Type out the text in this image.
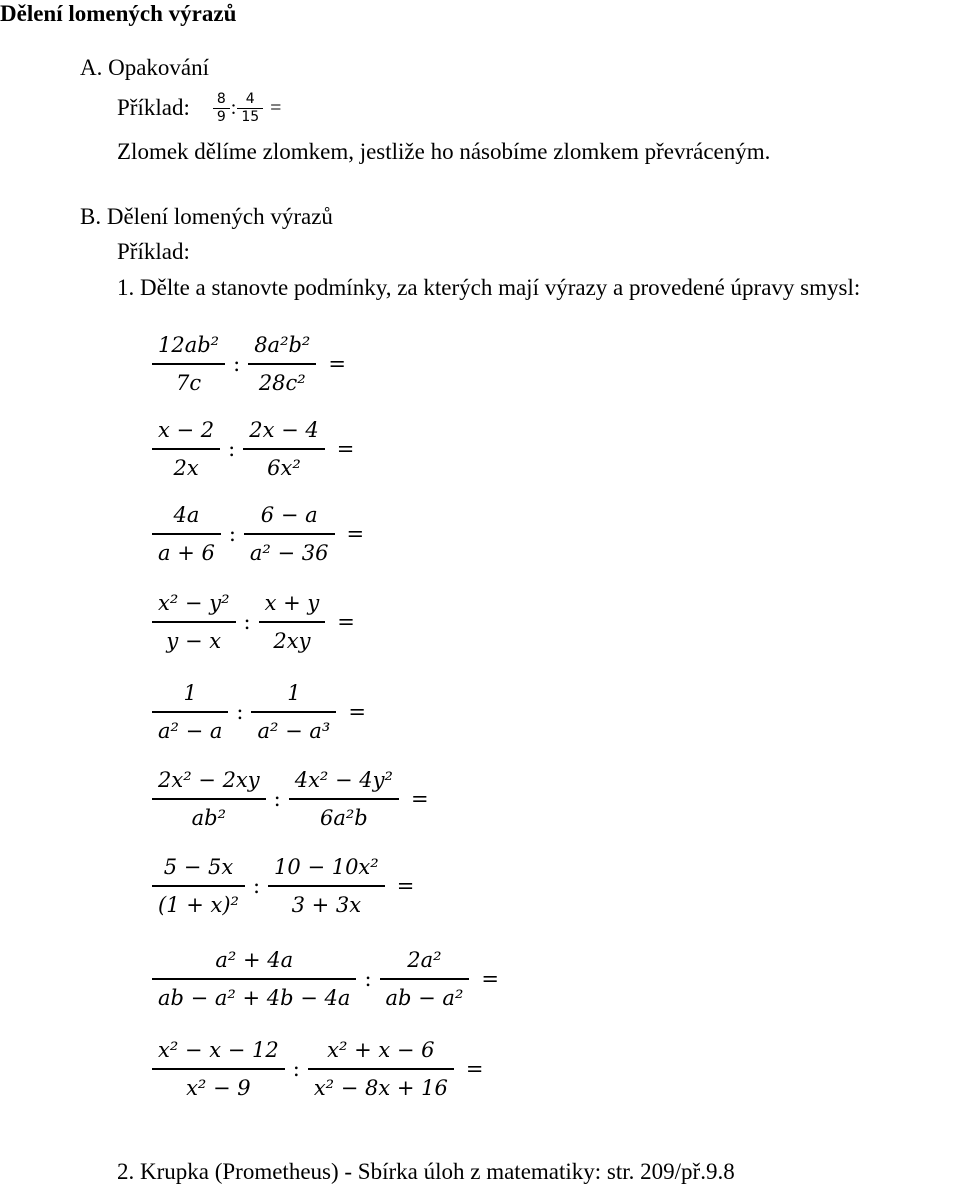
Dělení lomených výrazů
A. Opakování
Příklad: $\frac{8}{9}$ : $\frac{4}{15}$ =
Zlomek dělíme zlomkem, jestliže ho násobíme zlomkem převráceným.
B. Dělení lomených výrazů
Příklad:
1. Dělte a stanovte podmínky, za kterých mají výrazy a provedené úpravy smysl:
$\frac{\text{12ab²}}{7c}$ : $\frac{\text{8a²b²}}{\text{28c²}}$ =
$\frac{x - 2}{2x}$ : $\frac{2x - 4}{\text{6x²}}$ =
$\frac{4a}{a + 6}$ : $\frac{6 - a}{\text{a² − 36}}$ =
$\frac{\text{x² − y²}}{y - x}$ : $\frac{x + y}{2xy}$ =
$\frac{1}{\text{a² − a}}$ : $\frac{1}{\text{a² − a³}}$ =
$\frac{\text{2x² − 2xy}}{\text{ab²}}$ : $\frac{\text{4x² − 4y²}}{\text{6a²b}}$ =
$\frac{5 - 5x}{\text{(1 + x)²}}$ : $\frac{\text{10 − 10x²}}{3 + 3x}$ =
$\frac{\text{a² + 4a}}{\text{ab − a² + 4b − 4a}}$ : $\frac{\text{2a²}}{\text{ab − a²}}$ =
$\frac{\text{x² − x − 12}}{\text{x² − 9}}$ : $\frac{\text{x² + x − 6}}{\text{x² − 8x + 16}}$ =
2. Krupka (Prometheus) - Sbírka úloh z matematiky: str. 209/př.9.8
